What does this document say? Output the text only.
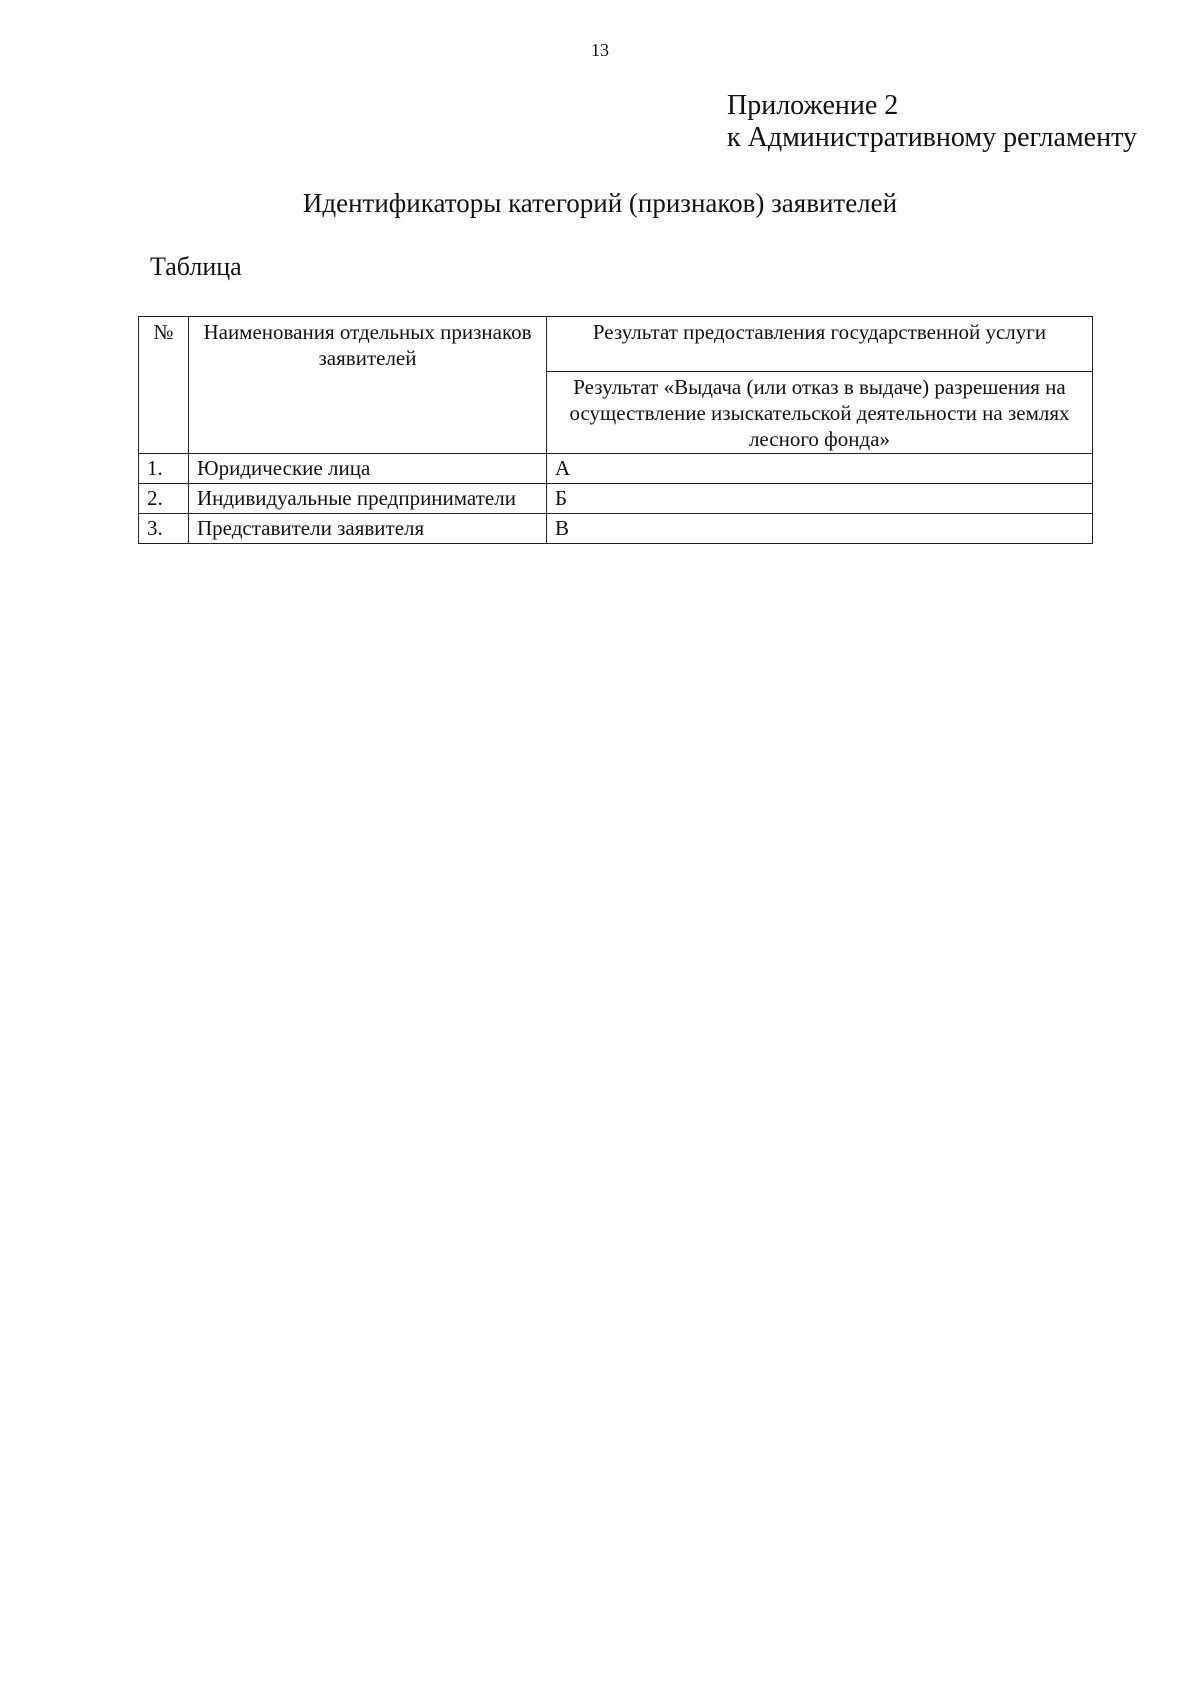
13
Приложение 2
к Административному регламенту
Идентификаторы категорий (признаков) заявителей
Таблица
№	Наименования отдельных признаков заявителей	Результат предоставления государственной услуги
		Результат «Выдача (или отказ в выдаче) разрешения на осуществление изыскательской деятельности на землях лесного фонда»
1.	Юридические лица	А
2.	Индивидуальные предприниматели	Б
3.	Представители заявителя	В
